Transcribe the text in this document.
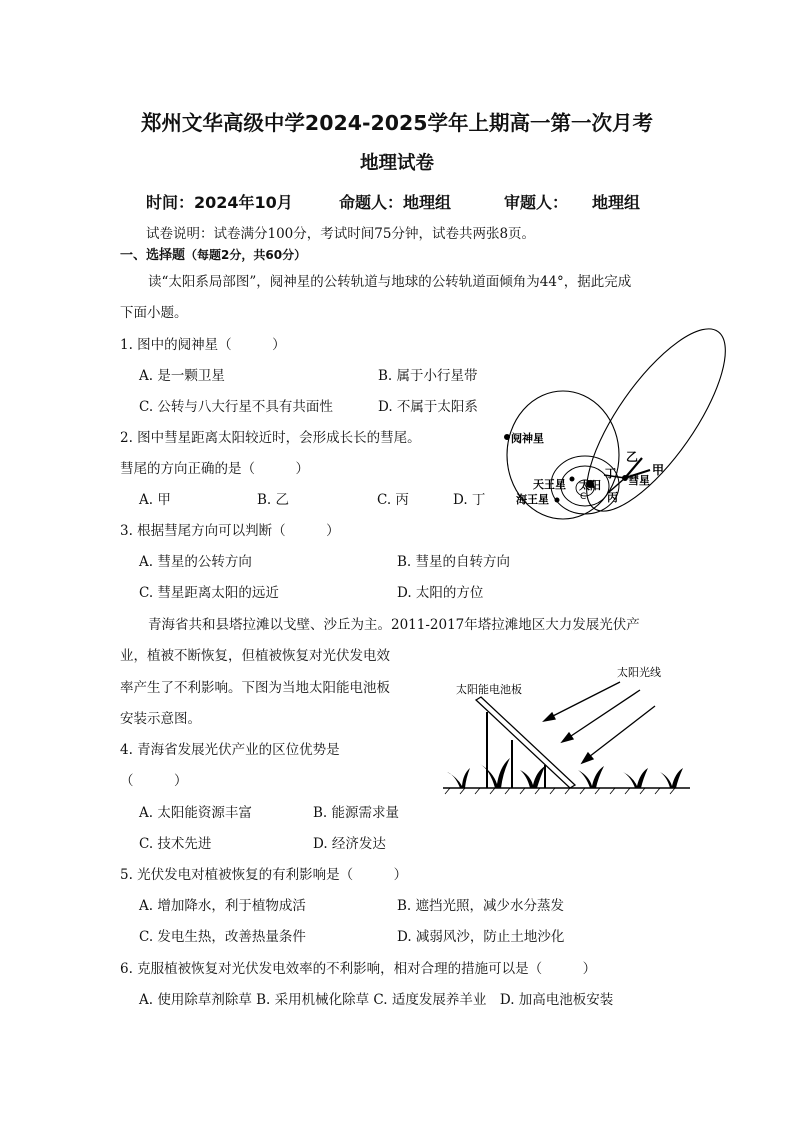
郑州文华高级中学2024-2025学年上期高一第一次月考
地理试卷
时间：2024年10月	命题人：地理组	审题人： 地理组
试卷说明：试卷满分100分，考试时间75分钟，试卷共两张8页。
一、选择题（每题2分，共60分）
读“太阳系局部图”，阋神星的公转轨道与地球的公转轨道面倾角为44°，据此完成
下面小题。
1. 图中的阋神星（　　　）
A. 是一颗卫星	B. 属于小行星带
C. 公转与八大行星不具有共面性	D. 不属于太阳系
2. 图中彗星距离太阳较近时，会形成长长的彗尾。
彗尾的方向正确的是（　　　）
A. 甲	B. 乙	C. 丙	D. 丁
3. 根据彗尾方向可以判断（　　　）
A. 彗星的公转方向	B. 彗星的自转方向
C. 彗星距离太阳的远近	D. 太阳的方位
青海省共和县塔拉滩以戈壁、沙丘为主。2011-2017年塔拉滩地区大力发展光伏产
业，植被不断恢复，但植被恢复对光伏发电效
率产生了不利影响。下图为当地太阳能电池板
安装示意图。
4. 青海省发展光伏产业的区位优势是
（　　　）
A. 太阳能资源丰富	B. 能源需求量
C. 技术先进	D. 经济发达
5. 光伏发电对植被恢复的有利影响是（　　　）
A. 增加降水，利于植物成活	B. 遮挡光照，减少水分蒸发
C. 发电生热，改善热量条件	D. 减弱风沙，防止土地沙化
6. 克服植被恢复对光伏发电效率的不利影响，相对合理的措施可以是（　　　）
A. 使用除草剂除草 B. 采用机械化除草 C. 适度发展养羊业　D. 加高电池板安装
阋神星
乙
甲
丁
彗星
天王星 太阳
丙
海王星	C
太阳能电池板
太阳光线
